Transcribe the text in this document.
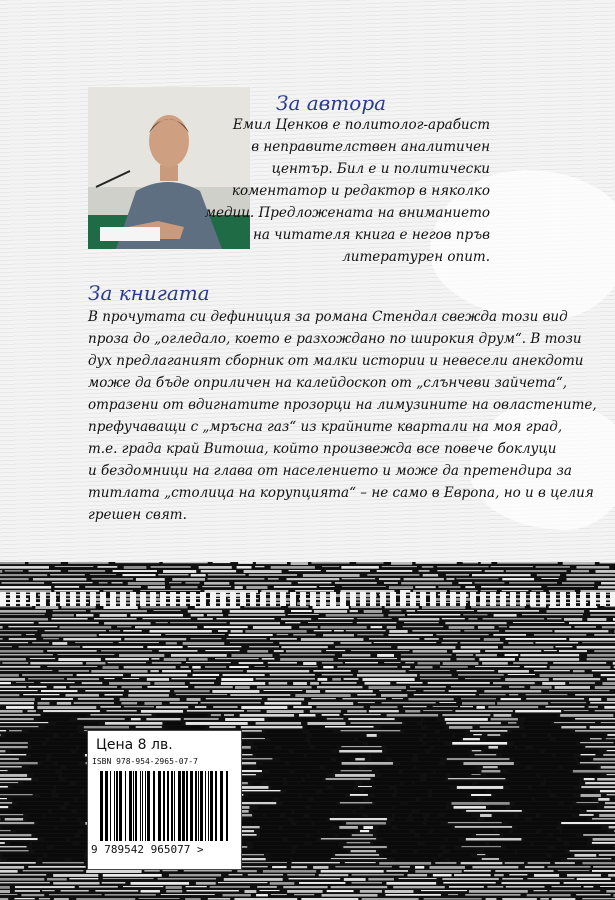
За автора

Емил Ценков е политолог-арабист
в неправителствен аналитичен
център. Бил е и политически
коментатор и редактор в няколко
медии. Предложената на вниманието
на читателя книга е негов пръв
литературен опит.

За книгата

В прочутата си дефиниция за романа Стендал свежда този вид
проза до „огледало, което е разхождано по широкия друм“. В този
дух предлаганият сборник от малки истории и невесели анекдоти
може да бъде оприличен на калейдоскоп от „слънчеви зайчета“,
отразени от вдигнатите прозорци на лимузините на овластените,
префучаващи с „мръсна газ“ из крайните квартали на моя град,
т.е. града край Витоша, който произвежда все повече боклуци
и бездомници на глава от населението и може да претендира за
титлата „столица на корупцията“ – не само в Европа, но и в целия
грешен свят.

Цена 8 лв.
ISBN 978-954-2965-07-7
9 789542 965077 >
